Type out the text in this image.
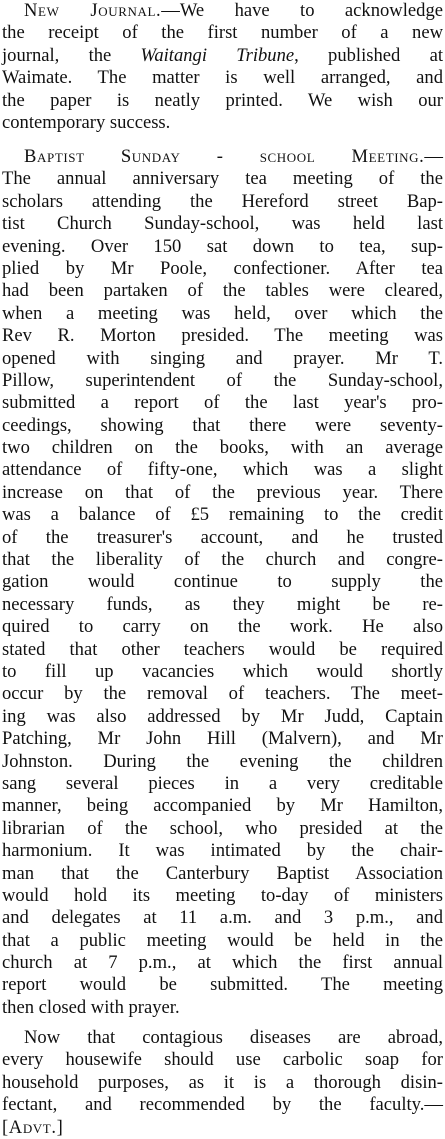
New Journal.—We have to acknowledge
the receipt of the first number of a new
journal, the Waitangi Tribune, published at
Waimate. The matter is well arranged, and
the paper is neatly printed. We wish our
contemporary success.
Baptist Sunday - school Meeting.—
The annual anniversary tea meeting of the
scholars attending the Hereford street Bap-
tist Church Sunday-school, was held last
evening. Over 150 sat down to tea, sup-
plied by Mr Poole, confectioner. After tea
had been partaken of the tables were cleared,
when a meeting was held, over which the
Rev R. Morton presided. The meeting was
opened with singing and prayer. Mr T.
Pillow, superintendent of the Sunday-school,
submitted a report of the last year's pro-
ceedings, showing that there were seventy-
two children on the books, with an average
attendance of fifty-one, which was a slight
increase on that of the previous year. There
was a balance of £5 remaining to the credit
of the treasurer's account, and he trusted
that the liberality of the church and congre-
gation would continue to supply the
necessary funds, as they might be re-
quired to carry on the work. He also
stated that other teachers would be required
to fill up vacancies which would shortly
occur by the removal of teachers. The meet-
ing was also addressed by Mr Judd, Captain
Patching, Mr John Hill (Malvern), and Mr
Johnston. During the evening the children
sang several pieces in a very creditable
manner, being accompanied by Mr Hamilton,
librarian of the school, who presided at the
harmonium. It was intimated by the chair-
man that the Canterbury Baptist Association
would hold its meeting to-day of ministers
and delegates at 11 a.m. and 3 p.m., and
that a public meeting would be held in the
church at 7 p.m., at which the first annual
report would be submitted. The meeting
then closed with prayer.
Now that contagious diseases are abroad,
every housewife should use carbolic soap for
household purposes, as it is a thorough disin-
fectant, and recommended by the faculty.—
[Advt.]
